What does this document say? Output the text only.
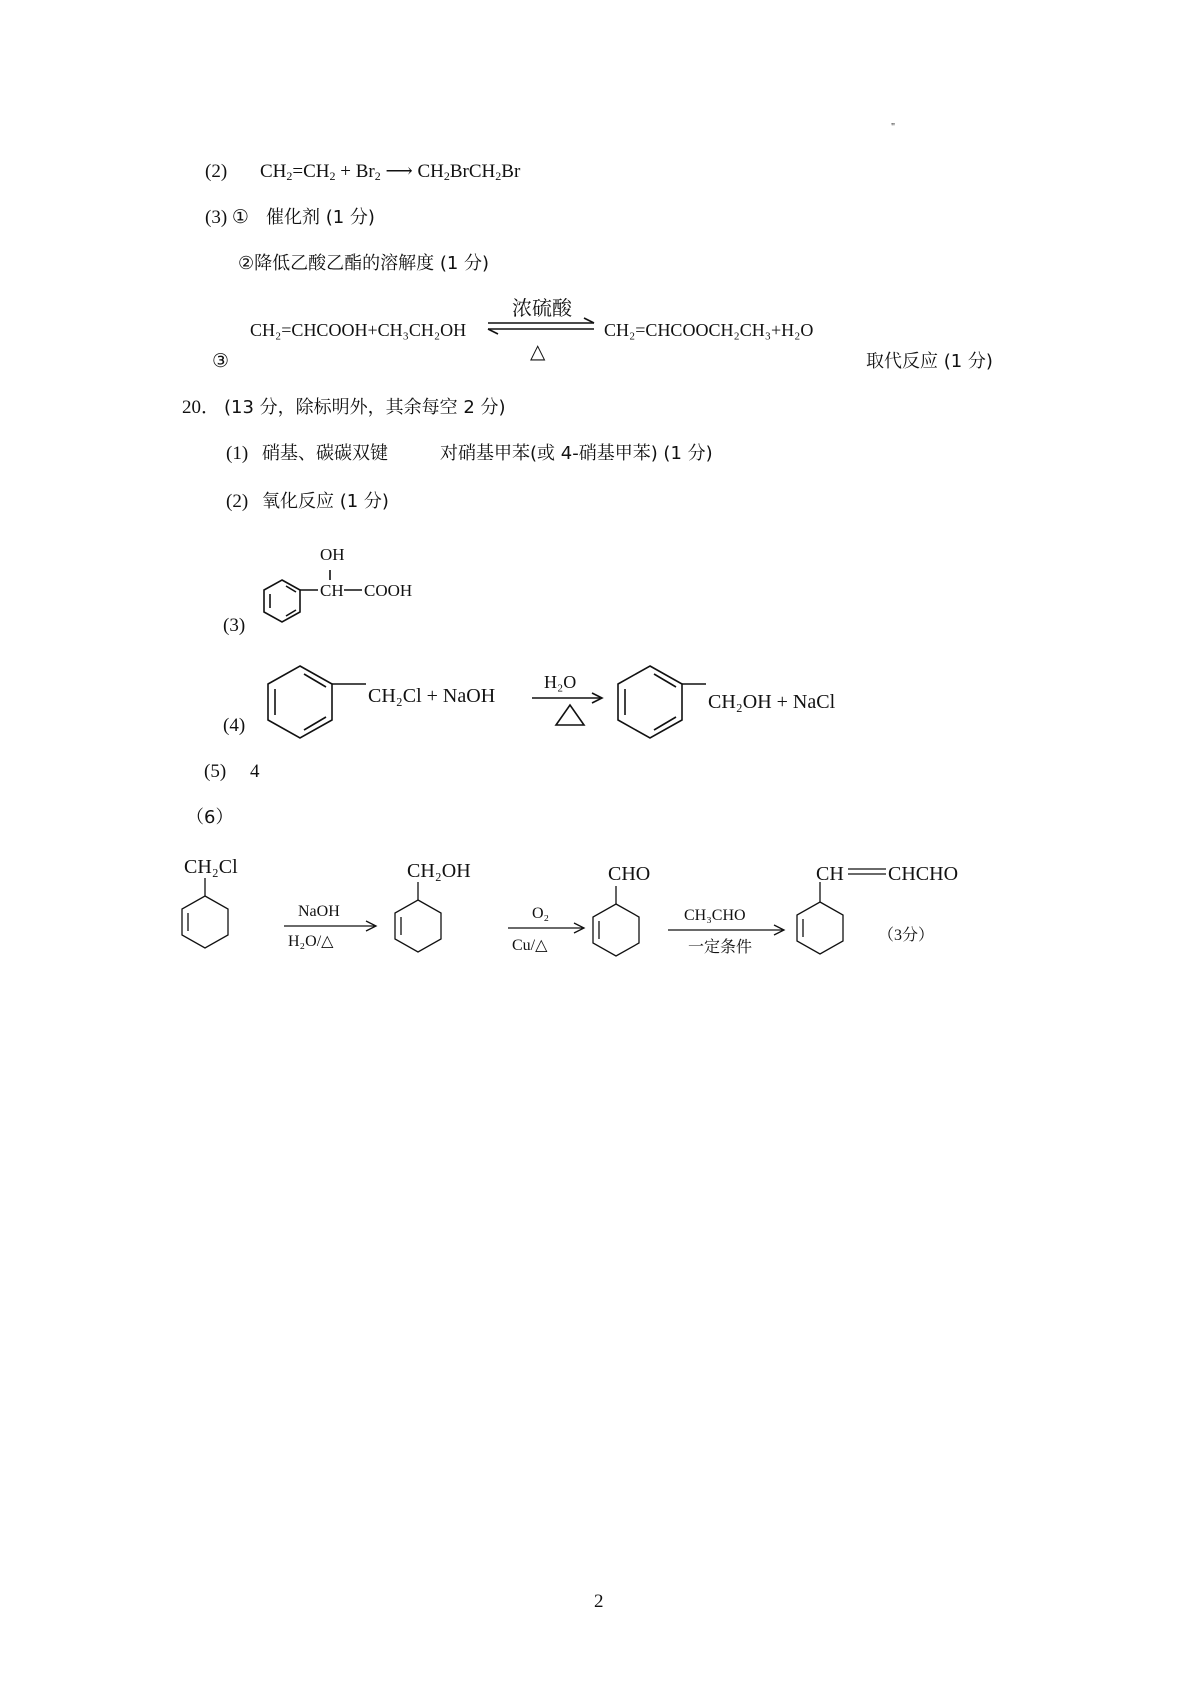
"
(2) $CH_2=CH_2 + Br_2$ ⟶ $CH_2BrCH_2Br$
(3) ① 催化剂 (1 分)
②降低乙酸乙酯的溶解度 (1 分)
CH₂=CHCOOH+CH₃CH₂OH
浓硫酸
△
CH₂=CHCOOCH₂CH₃+H₂O
③	取代反应 (1 分)
20． (13 分，除标明外，其余每空 2 分)
(1) 硝基、碳碳双键	对硝基甲苯(或 4-硝基甲苯) (1 分)
(2) 氧化反应 (1 分)
(3)
(4)
(5) 4
（6）
2
OH
CH COOH
CH₂Cl + NaOH
H₂O
CH₂OH + NaCl
CH₂Cl
NaOH
H₂O/△
CH₂OH
O₂
Cu/△
CHO
CH₃CHO
一定条件
CH CHCHO
（3分）
